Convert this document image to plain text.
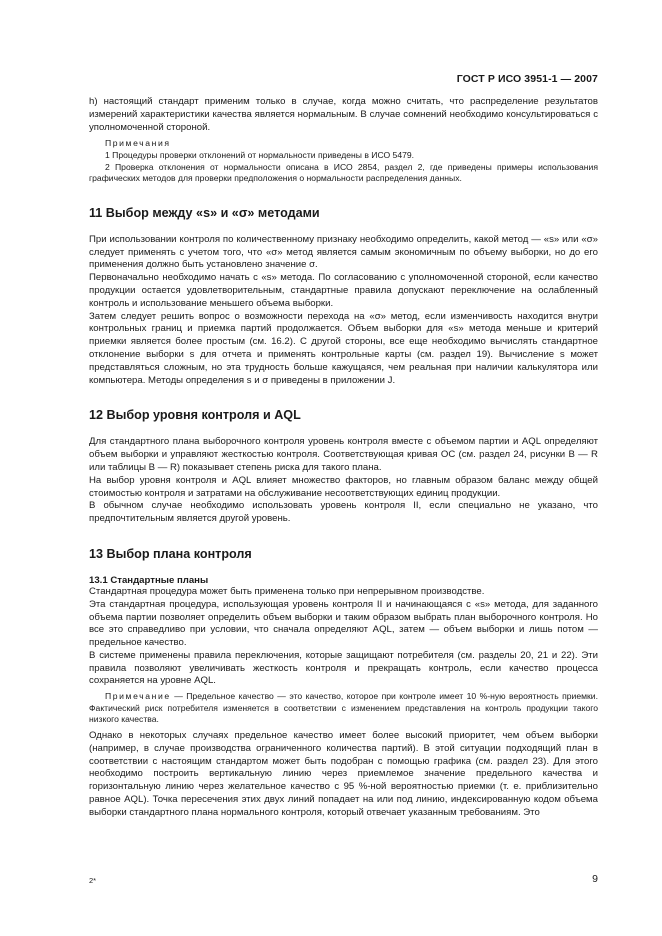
ГОСТ Р ИСО 3951-1 — 2007

h) настоящий стандарт применим только в случае, когда можно считать, что распределение результатов измерений характеристики качества является нормальным. В случае сомнений необходимо консультироваться с уполномоченной стороной.

Примечания
1 Процедуры проверки отклонений от нормальности приведены в ИСО 5479.
2 Проверка отклонения от нормальности описана в ИСО 2854, раздел 2, где приведены примеры использования графических методов для проверки предположения о нормальности распределения данных.
11 Выбор между «s» и «σ» методами

При использовании контроля по количественному признаку необходимо определить, какой метод — «s» или «σ» следует применять с учетом того, что «σ» метод является самым экономичным по объему выборки, но до его применения должно быть установлено значение σ.

Первоначально необходимо начать с «s» метода. По согласованию с уполномоченной стороной, если качество продукции остается удовлетворительным, стандартные правила допускают переключение на ослабленный контроль и использование меньшего объема выборки.

Затем следует решить вопрос о возможности перехода на «σ» метод, если изменчивость находится внутри контрольных границ и приемка партий продолжается. Объем выборки для «s» метода меньше и критерий приемки является более простым (см. 16.2). С другой стороны, все еще необходимо вычислять стандартное отклонение выборки s для отчета и применять контрольные карты (см. раздел 19). Вычисление s может представляться сложным, но эта трудность больше кажущаяся, чем реальная при наличии калькулятора или компьютера. Методы определения s и σ приведены в приложении J.

12 Выбор уровня контроля и AQL

Для стандартного плана выборочного контроля уровень контроля вместе с объемом партии и AQL определяют объем выборки и управляют жесткостью контроля. Соответствующая кривая ОС (см. раздел 24, рисунки В — R или таблицы В — R) показывает степень риска для такого плана.

На выбор уровня контроля и AQL влияет множество факторов, но главным образом баланс между общей стоимостью контроля и затратами на обслуживание несоответствующих единиц продукции.

В обычном случае необходимо использовать уровень контроля II, если специально не указано, что предпочтительным является другой уровень.

13 Выбор плана контроля
13.1 Стандартные планы

Стандартная процедура может быть применена только при непрерывном производстве.

Эта стандартная процедура, использующая уровень контроля II и начинающаяся с «s» метода, для заданного объема партии позволяет определить объем выборки и таким образом выбрать план выборочного контроля. Но все это справедливо при условии, что сначала определяют AQL, затем — объем выборки и лишь потом — предельное качество.

В системе применены правила переключения, которые защищают потребителя (см. разделы 20, 21 и 22). Эти правила позволяют увеличивать жесткость контроля и прекращать контроль, если качество процесса сохраняется на уровне AQL.

Примечание — Предельное качество — это качество, которое при контроле имеет 10 %-ную вероятность приемки. Фактический риск потребителя изменяется в соответствии с изменением представления на контроль продукции такого низкого качества.

Однако в некоторых случаях предельное качество имеет более высокий приоритет, чем объем выборки (например, в случае производства ограниченного количества партий). В этой ситуации подходящий план в соответствии с настоящим стандартом может быть подобран с помощью графика (см. раздел 23). Для этого необходимо построить вертикальную линию через приемлемое значение предельного качества и горизонтальную линию через желательное качество с 95 %-ной вероятностью приемки (т. е. приблизительно равное AQL). Точка пересечения этих двух линий попадает на или под линию, индексированную кодом объема выборки стандартного плана нормального контроля, который отвечает указанным требованиям. Это

2*	9
